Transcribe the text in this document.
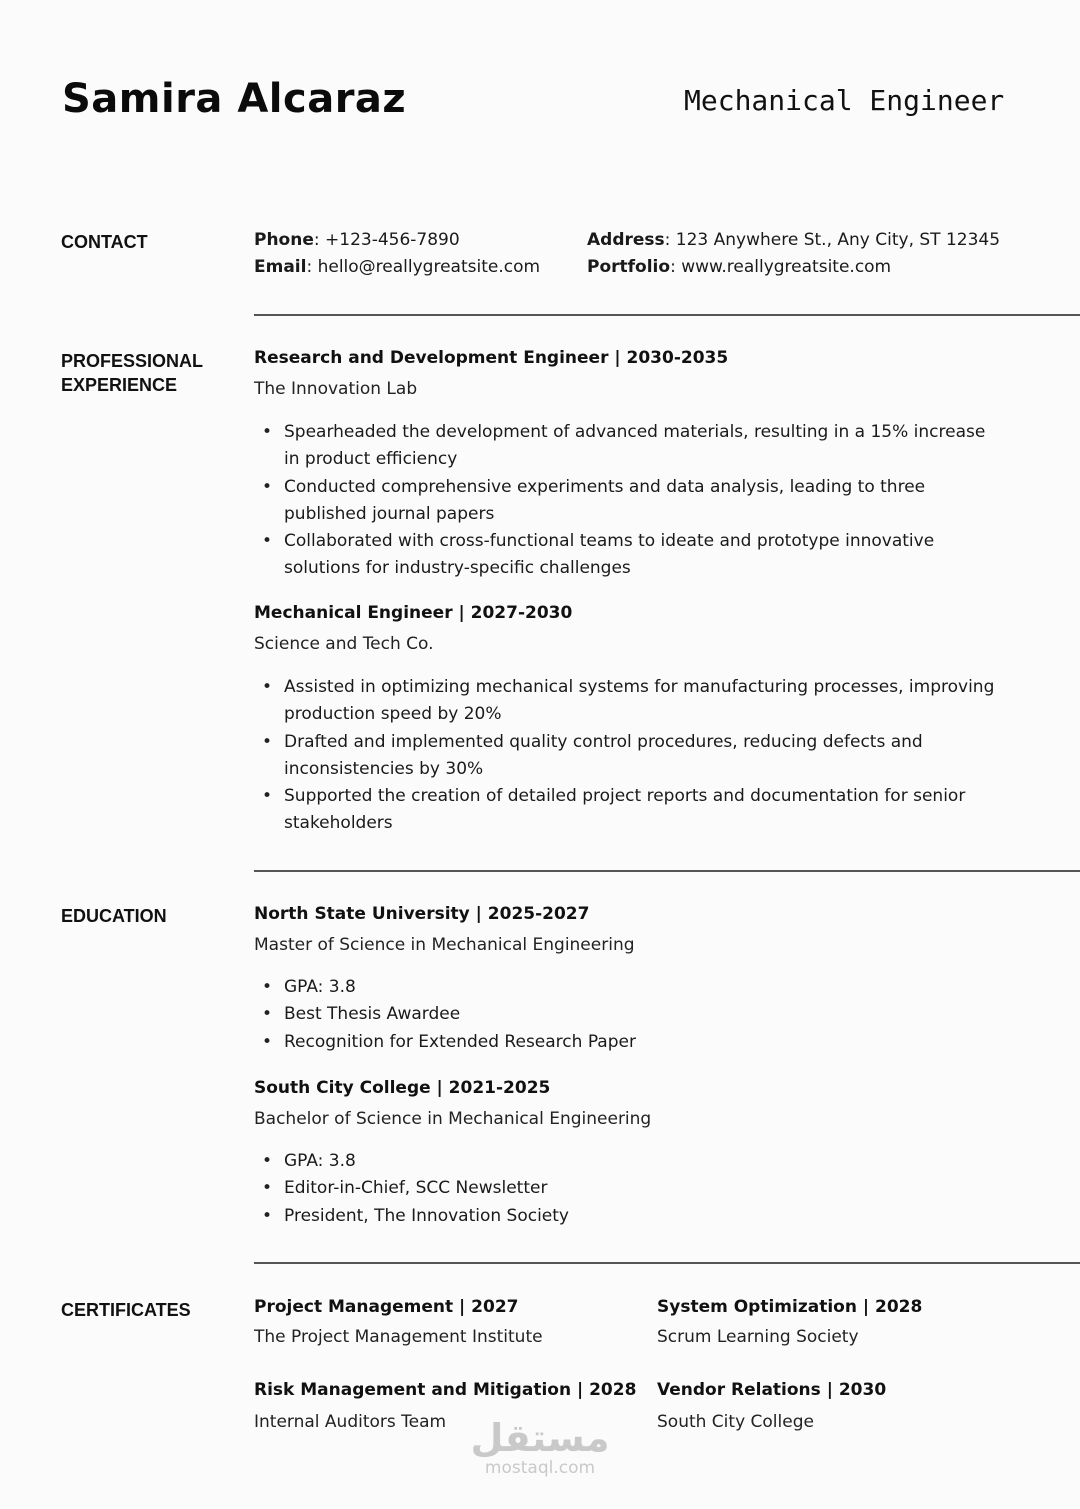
Samira Alcaraz	Mechanical Engineer
CONTACT	Phone: +123-456-7890
Email: hello@reallygreatsite.com
Address: 123 Anywhere St., Any City, ST 12345
Portfolio: www.reallygreatsite.com
PROFESSIONAL
EXPERIENCE
Research and Development Engineer | 2030-2035
The Innovation Lab
• Spearheaded the development of advanced materials, resulting in a 15% increase in product efficiency
• Conducted comprehensive experiments and data analysis, leading to three published journal papers
• Collaborated with cross-functional teams to ideate and prototype innovative solutions for industry-specific challenges
Mechanical Engineer | 2027-2030
Science and Tech Co.
• Assisted in optimizing mechanical systems for manufacturing processes, improving production speed by 20%
• Drafted and implemented quality control procedures, reducing defects and inconsistencies by 30%
• Supported the creation of detailed project reports and documentation for senior stakeholders
EDUCATION	North State University | 2025-2027
Master of Science in Mechanical Engineering
• GPA: 3.8
• Best Thesis Awardee
• Recognition for Extended Research Paper
South City College | 2021-2025
Bachelor of Science in Mechanical Engineering
• GPA: 3.8
• Editor-in-Chief, SCC Newsletter
• President, The Innovation Society
CERTIFICATES	Project Management | 2027
The Project Management Institute
System Optimization | 2028
Scrum Learning Society
Risk Management and Mitigation | 2028
Internal Auditors Team
Vendor Relations | 2030
South City College
مستقل
mostaql.com
